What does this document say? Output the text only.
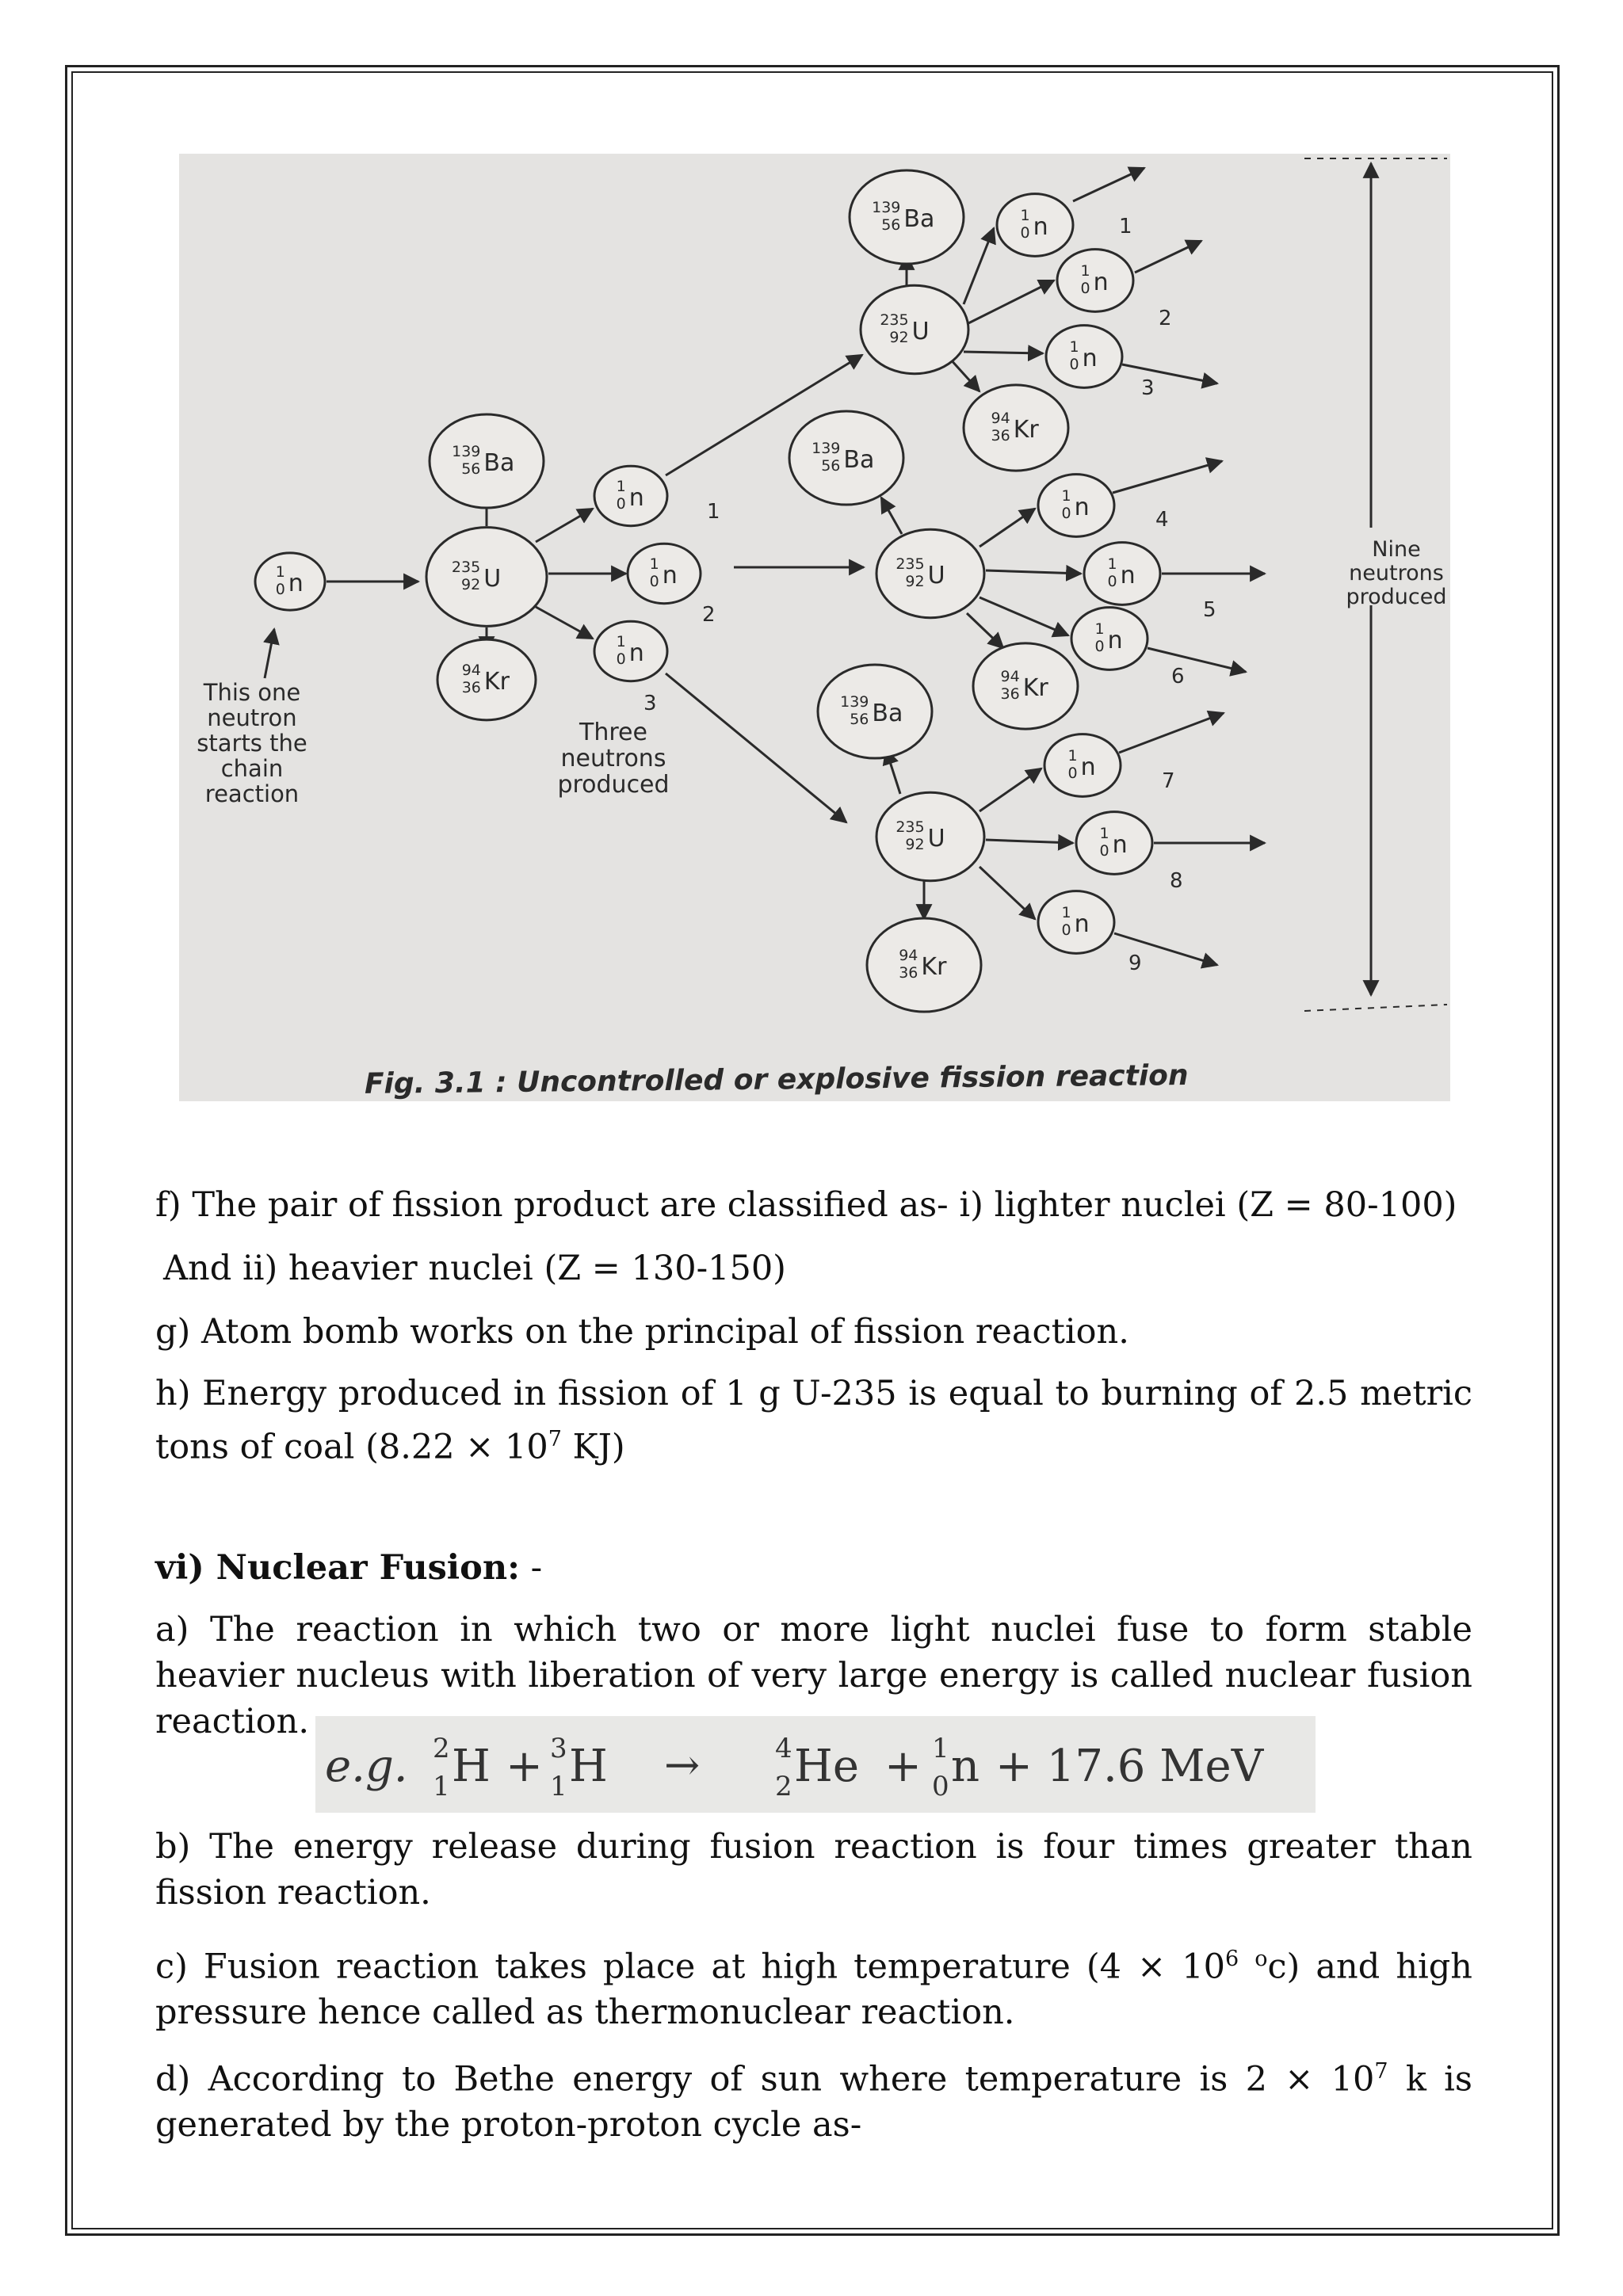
1
0 n
235
92 U
139
56 Ba
94
36 Kr
1
0 n
1
0 n
1
0 n
235
92 U
235
92 U
235
92 U
139
56 Ba
94
36 Kr
139
56 Ba
94
36 Kr
139
56 Ba
94
36 Kr
1
0 n
1
0 n
1
0 n
1
0 n
1
0 n
1
0 n
1
0 n
1
0 n
1
0 n
1
2
3
4
5
6
7
8
9
1
2
3
This one
neutron
starts the
chain
reaction
Three
neutrons
produced
Nine
neutrons
produced
Fig. 3.1 : Uncontrolled or explosive fission reaction
f) The pair of fission product are classified as- i) lighter nuclei (Z = 80-100)
And ii) heavier nuclei (Z = 130-150)
g) Atom bomb works on the principal of fission reaction.
h) Energy produced in fission of 1 g U-235 is equal to burning of 2.5 metric tons of coal ($8.22 \times 10^7$ KJ)
vi) Nuclear Fusion: -
a) The reaction in which two or more light nuclei fuse to form stable heavier nucleus with liberation of very large energy is called nuclear fusion reaction.
e.g. 2
1 H + 3
1 H →	4
2 He + 1
0 n + 17.6 MeV
b) The energy release during fusion reaction is four times greater than fission reaction.
c) Fusion reaction takes place at high temperature ($4 \times 10^6$ $^o$c) and high pressure hence called as thermonuclear reaction.
d) According to Bethe energy of sun where temperature is $2 \times 10^7$ k is generated by the proton-proton cycle as-
